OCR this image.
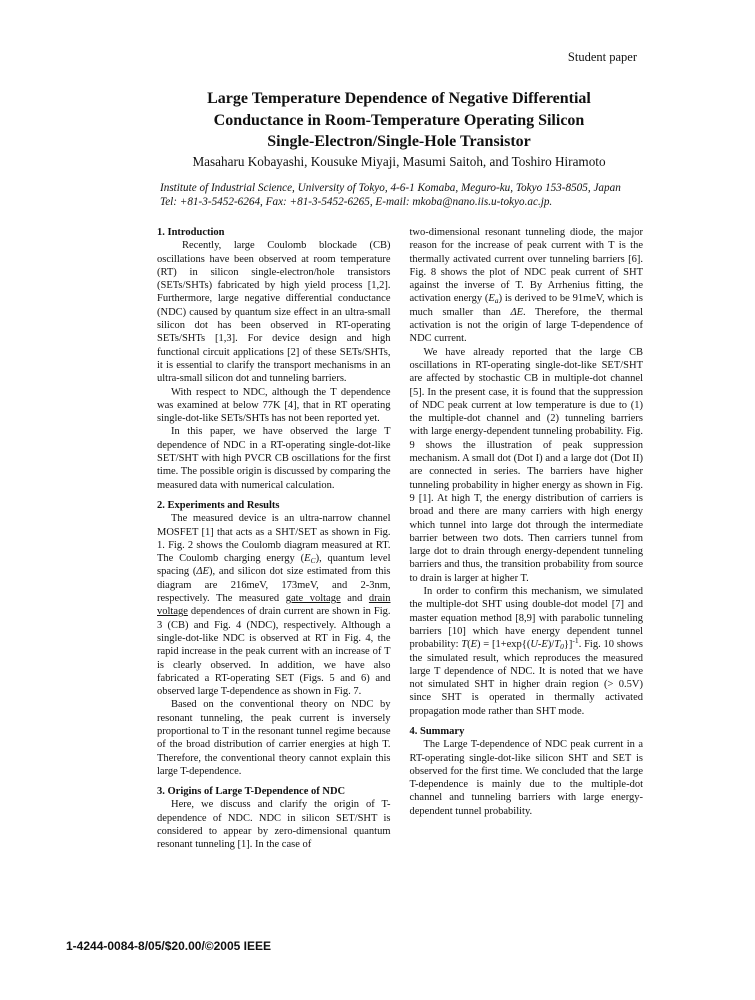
Student paper
Large Temperature Dependence of Negative Differential
Conductance in Room-Temperature Operating Silicon
Single-Electron/Single-Hole Transistor
Masaharu Kobayashi, Kousuke Miyaji, Masumi Saitoh, and Toshiro Hiramoto
Institute of Industrial Science, University of Tokyo, 4-6-1 Komaba, Meguro-ku, Tokyo 153-8505, Japan
Tel: +81-3-5452-6264, Fax: +81-3-5452-6265, E-mail: mkoba@nano.iis.u-tokyo.ac.jp.
1. Introduction

Recently, large Coulomb blockade (CB) oscillations have been observed at room temperature (RT) in silicon single-electron/hole transistors (SETs/SHTs) fabricated by high yield process [1,2]. Furthermore, large negative differential conductance (NDC) caused by quantum size effect in an ultra-small silicon dot has been observed in RT-operating SETs/SHTs [1,3]. For device design and high functional circuit applications [2] of these SETs/SHTs, it is essential to clarify the transport mechanisms in an ultra-small silicon dot and tunneling barriers.

With respect to NDC, although the T dependence was examined at below 77K [4], that in RT operating single-dot-like SETs/SHTs has not been reported yet.

In this paper, we have observed the large T dependence of NDC in a RT-operating single-dot-like SET/SHT with high PVCR CB oscillations for the first time. The possible origin is discussed by comparing the measured data with numerical calculation.

2. Experiments and Results

The measured device is an ultra-narrow channel MOSFET [1] that acts as a SHT/SET as shown in Fig. 1. Fig. 2 shows the Coulomb diagram measured at RT. The Coulomb charging energy $(E_C)$, quantum level spacing (ΔE), and silicon dot size estimated from this diagram are 216meV, 173meV, and 2-3nm, respectively. The measured gate voltage and drain voltage dependences of drain current are shown in Fig. 3 (CB) and Fig. 4 (NDC), respectively. Although a single-dot-like NDC is observed at RT in Fig. 4, the rapid increase in the peak current with an increase of T is clearly observed. In addition, we have also fabricated a RT-operating SET (Figs. 5 and 6) and observed large T-dependence as shown in Fig. 7.

Based on the conventional theory on NDC by resonant tunneling, the peak current is inversely proportional to T in the resonant tunnel regime because of the broad distribution of carrier energies at high T. Therefore, the conventional theory cannot explain this large T-dependence.

3. Origins of Large T-Dependence of NDC

Here, we discuss and clarify the origin of T-dependence of NDC. NDC in silicon SET/SHT is considered to appear by zero-dimensional quantum resonant tunneling [1]. In the case of

two-dimensional resonant tunneling diode, the major reason for the increase of peak current with T is the thermally activated current over tunneling barriers [6]. Fig. 8 shows the plot of NDC peak current of SHT against the inverse of T. By Arrhenius fitting, the activation energy $(E_a)$ is derived to be 91meV, which is much smaller than ΔE. Therefore, the thermal activation is not the origin of large T-dependence of NDC current.

We have already reported that the large CB oscillations in RT-operating single-dot-like SET/SHT are affected by stochastic CB in multiple-dot channel [5]. In the present case, it is found that the suppression of NDC peak current at low temperature is due to (1) the multiple-dot channel and (2) tunneling barriers with large energy-dependent tunneling probability. Fig. 9 shows the illustration of peak suppression mechanism. A small dot (Dot I) and a large dot (Dot II) are connected in series. The barriers have higher tunneling probability in higher energy as shown in Fig. 9 [1]. At high T, the energy distribution of carriers is broad and there are many carriers with high energy which tunnel into large dot through the intermediate barrier between two dots. Then carriers tunnel from large dot to drain through energy-dependent tunneling barriers and thus, the transition probability from source to drain is larger at higher T.

In order to confirm this mechanism, we simulated the multiple-dot SHT using double-dot model [7] and master equation method [8,9] with parabolic tunneling barriers [10] which have energy dependent tunnel probability: $T(E) = [1+\exp\{(U-E)/T_0\}]^{-1}$. Fig. 10 shows the simulated result, which reproduces the measured large T dependence of NDC. It is noted that we have not simulated SHT in higher drain region (> 0.5V) since SHT is operated in thermally activated propagation mode rather than SHT mode.

4. Summary

The Large T-dependence of NDC peak current in a RT-operating single-dot-like silicon SHT and SET is observed for the first time. We concluded that the large T-dependence is mainly due to the multiple-dot channel and tunneling barriers with large energy-dependent tunnel probability.

1-4244-0084-8/05/$20.00/©2005 IEEE
